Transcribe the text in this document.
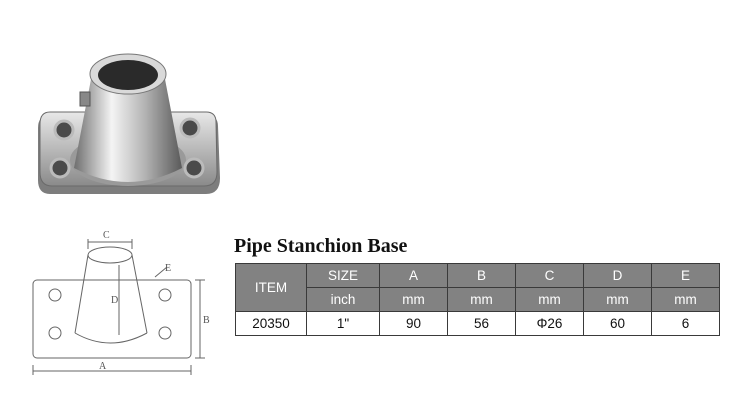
C
D
E
B
A
Pipe Stanchion Base
ITEM	SIZE	A	B	C	D	E
	inch	mm	mm	mm	mm	mm
20350	1"	90	56	Φ26	60	6
